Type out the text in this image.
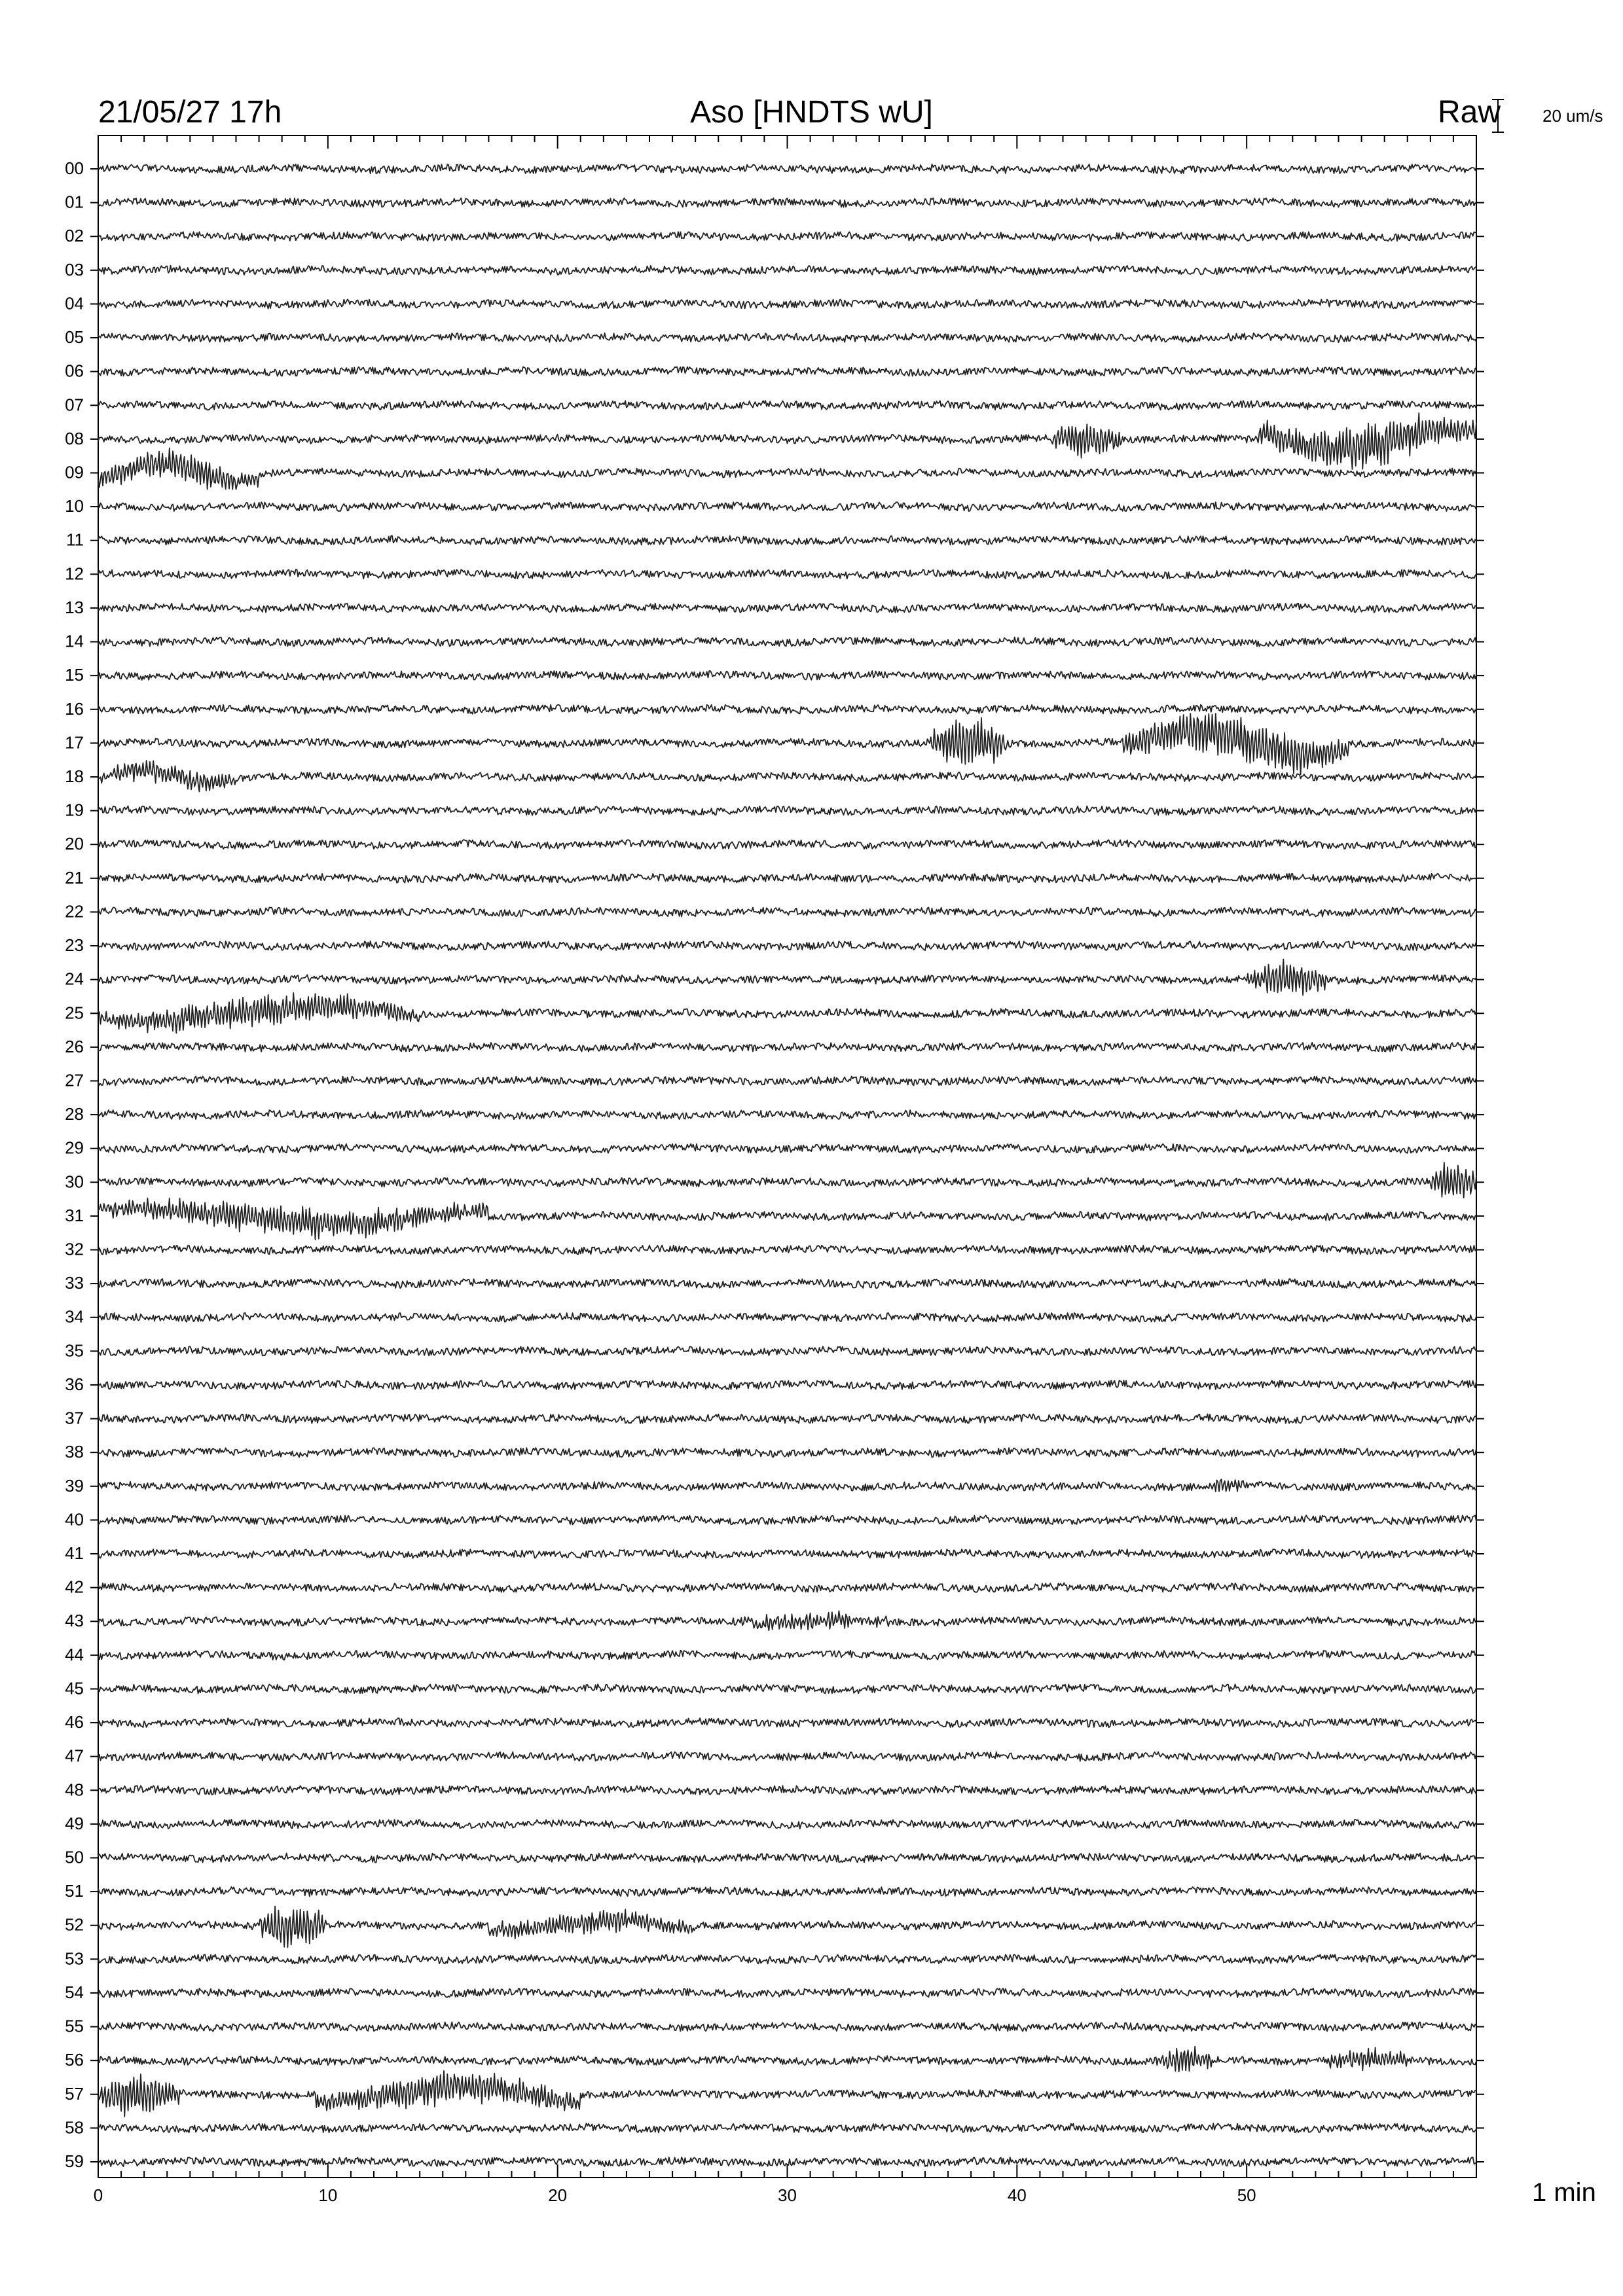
21/05/27 17h	Aso [HNDTS wU]	Raw 20 um/s
1 min
0	10	20	30	40	50
00
01
02
03
04
05
06
07
08
09
10
11
12
13
14
15
16
17
18
19
20
21
22
23
24
25
26
27
28
29
30
31
32
33
34
35
36
37
38
39
40
41
42
43
44
45
46
47
48
49
50
51
52
53
54
55
56
57
58
59
